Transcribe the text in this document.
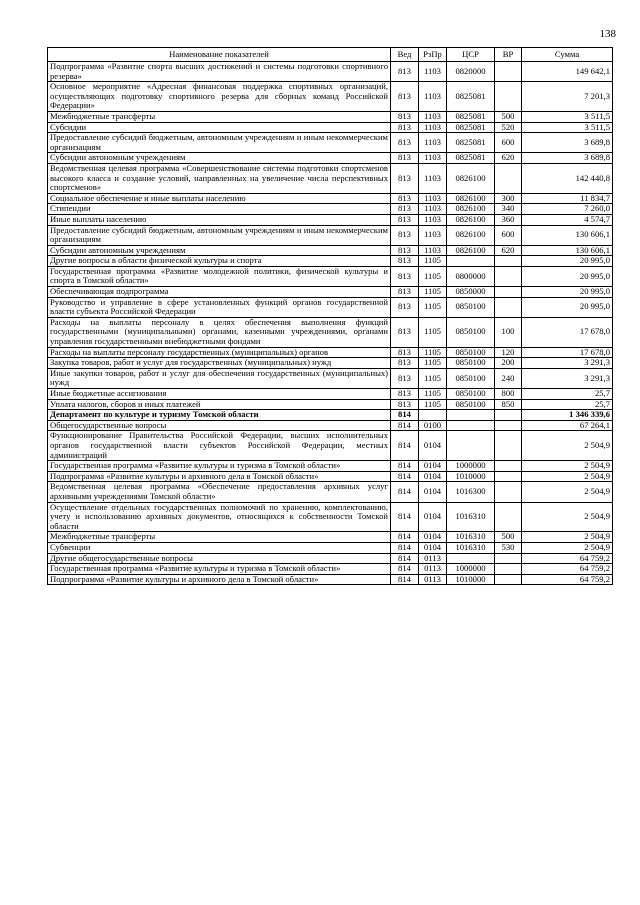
138
Наименование показателей	Вед	РзПр	ЦСР	ВР	Сумма
Подпрограмма «Развитие спорта высших достижений и системы подготовки спортивного резерва»	813	1103	0820000		149 642,1
Основное мероприятие «Адресная финансовая поддержка спортивных организаций, осуществляющих подготовку спортивного резерва для сборных команд Российской Федерации»	813	1103	0825081		7 201,3
Межбюджетные трансферты	813	1103	0825081	500	3 511,5
Субсидии	813	1103	0825081	520	3 511,5
Предоставление субсидий бюджетным, автономным учреждениям и иным некоммерческим организациям	813	1103	0825081	600	3 689,8
Субсидии автономным учреждениям	813	1103	0825081	620	3 689,8
Ведомственная целевая программа «Совершенствование системы подготовки спортсменов высокого класса и создание условий, направленных на увеличение числа перспективных спортсменов»	813	1103	0826100		142 440,8
Социальное обеспечение и иные выплаты населению	813	1103	0826100	300	11 834,7
Стипендии	813	1103	0826100	340	7 260,0
Иные выплаты населению	813	1103	0826100	360	4 574,7
Предоставление субсидий бюджетным, автономным учреждениям и иным некоммерческим организациям	813	1103	0826100	600	130 606,1
Субсидии автономным учреждениям	813	1103	0826100	620	130 606,1
Другие вопросы в области физической культуры и спорта	813	1105			20 995,0
Государственная программа «Развитие молодежной политики, физической культуры и спорта в Томской области»	813	1105	0800000		20 995,0
Обеспечивающая подпрограмма	813	1105	0850000		20 995,0
Руководство и управление в сфере установленных функций органов государственной власти субъекта Российской Федерации	813	1105	0850100		20 995,0
Расходы на выплаты персоналу в целях обеспечения выполнения функций государственными (муниципальными) органами, казенными учреждениями, органами управления государственными внебюджетными фондами	813	1105	0850100	100	17 678,0
Расходы на выплаты персоналу государственных (муниципальных) органов	813	1105	0850100	120	17 678,0
Закупка товаров, работ и услуг для государственных (муниципальных) нужд	813	1105	0850100	200	3 291,3
Иные закупки товаров, работ и услуг для обеспечения государственных (муниципальных) нужд	813	1105	0850100	240	3 291,3
Иные бюджетные ассигнования	813	1105	0850100	800	25,7
Уплата налогов, сборов и иных платежей	813	1105	0850100	850	25,7
Департамент по культуре и туризму Томской области	814				1 346 339,6
Общегосударственные вопросы	814	0100			67 264,1
Функционирование Правительства Российской Федерации, высших исполнительных органов государственной власти субъектов Российской Федерации, местных администраций	814	0104			2 504,9
Государственная программа «Развитие культуры и туризма в Томской области»	814	0104	1000000		2 504,9
Подпрограмма «Развитие культуры и архивного дела в Томской области»	814	0104	1010000		2 504,9
Ведомственная целевая программа «Обеспечение предоставления архивных услуг архивными учреждениями Томской области»	814	0104	1016300		2 504,9
Осуществление отдельных государственных полномочий по хранению, комплектованию, учету и использованию архивных документов, относящихся к собственности Томской области	814	0104	1016310		2 504,9
Межбюджетные трансферты	814	0104	1016310	500	2 504,9
Субвенции	814	0104	1016310	530	2 504,9
Другие общегосударственные вопросы	814	0113			64 759,2
Государственная программа «Развитие культуры и туризма в Томской области»	814	0113	1000000		64 759,2
Подпрограмма «Развитие культуры и архивного дела в Томской области»	814	0113	1010000		64 759,2
